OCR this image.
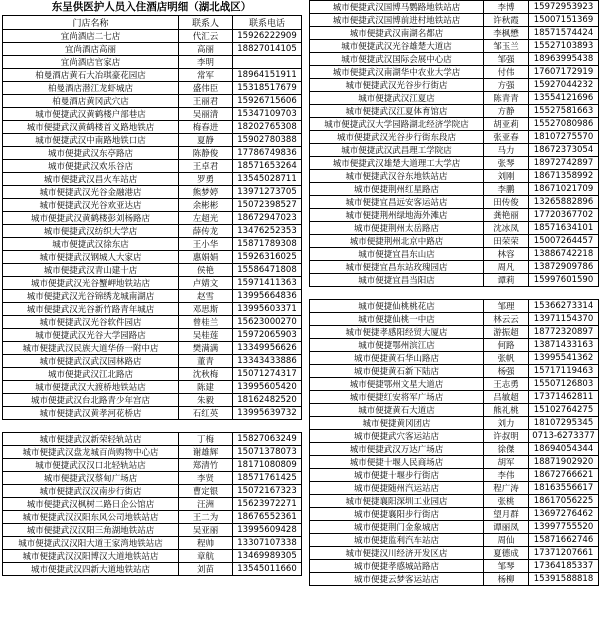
东呈供医护人员入住酒店明细（湖北战区）
门店名称	联系人	联系电话
宜尚酒店二七店	代汇云	15926222909
宜尚酒店高丽	高丽	18827014105
宜尚酒店官家店	李明	
柏曼酒店黄石大冶琪豪花园店	常军	18964151911
柏曼酒店潜江龙虾城店	盛伟臣	15318517679
柏曼酒店黄冈武穴店	王丽君	15926715606
城市便捷武汉黄鹤楼户部巷店	吴丽清	15347109703
城市便捷武汉黄鹤楼首义路地铁店	梅春进	18202765308
城市便捷武汉中南路地铁口店	夏静	15902780388
城市便捷武汉东亭路店	陈静俊	17786749836
城市便捷武汉欢乐谷店	王卓君	18571653264
城市便捷武汉昌火车站店	罗勇	13545028711
城市便捷武汉光谷金融港店	熊梦婷	13971273705
城市便捷武汉光谷欢亚达店	余彬彬	15072398527
城市便捷武汉黄鹤楼彭刘杨路店	左超光	18672947023
城市便捷武汉纺织大学店	薛传龙	13476252353
城市便捷武汉徐东店	王小华	15871789308
城市便捷武汉钢城人大家店	惠娟娟	15926316025
城市便捷武汉青山建十店	侯艳	15586471808
城市便捷武汉光谷蟹岬地铁站店	卢婧文	15971411363
城市便捷武汉光谷锦绣龙城南湖店	赵雪	13995664836
城市便捷武汉光谷新竹路青年城店	邓思斯	13995603371
城市便捷武汉光谷软件园店	曾桂兰	15623000270
城市便捷武汉光谷大学园路店	吴桂莲	15972065903
城市便捷武汉民族大道华侨一附中店	樊满满	13349956626
城市便捷武汉武汉园林路店	董青	13343433886
城市便捷武汉江北路店	沈秋梅	15071274317
城市便捷武汉大渡桥地铁站店	陈建	13995605420
城市便捷武汉台北路青少年宫店	朱毅	18162482520
城市便捷武汉黄孝河花桥店	石红英	13995639732

城市便捷武汉新荣轻轨站店	丁梅	15827063249
城市便捷武汉盘龙城百尚购物中心店	谢雄辉	15071378073
城市便捷武汉汉口北轻轨站店	郑清竹	18171080809
城市便捷武汉蔡甸广场店	李贤	18571761425
城市便捷武汉汉南步行街店	曹定银	15072167323
城市便捷武汉枫树二路日企公馆店	汪洲	15623972271
城市便捷武汉汉阳东风公司地铁站店	王二为	18676552361
城市便捷武汉汉阳三角湖地铁站店	吴亚丽	13995609428
城市便捷武汉汉阳大道王家湾地铁站店	程帅	13307107338
城市便捷武汉汉阳博汉大道地铁站店	章航	13469989305
城市便捷武汉四新大道地铁站店	刘苗	13545011660
城市便捷武汉国博马鹦路地铁站店	李博	15972953923
城市便捷武汉国博前进村地铁站店	许秋霞	15007151369
城市便捷武汉南湖名都店	李枫懋	18571574424
城市便捷武汉光谷雄楚大道店	邹玉兰	15527103893
城市便捷武汉国际会展中心店	邹强	18963995438
城市便捷武汉南湖华中农业大学店	付伟	17607172919
城市便捷武汉光谷步行街店	方强	15927044232
城市便捷武汉江夏店	陈青青	13554121696
城市便捷武汉江夏体育馆店	方静	15527581663
城市便捷武汉大学园路湖北经济学院店	胡亚莉	15527080986
城市便捷武汉光谷步行街东段店	张亚春	18107275570
城市便捷武汉武昌理工学院店	马力	18672373054
城市便捷武汉雄楚大道理工大学店	张琴	18972742897
城市便捷武汉谷东地铁站店	刘刚	18671358992
城市便捷荆州红星路店	李鹏	18671021709
城市便捷宜昌远安客运站店	田传俊	13265882896
城市便捷荆州绿地海外滩店	龚艳丽	17720367702
城市便捷荆州太岳路店	沈冰凤	18571634101
城市便捷荆州北京中路店	田荣荣	15007264457
城市便捷宜昌东山店	林容	13886742218
城市便捷宜昌东站玫瑰园店	周凡	13872909786
城市便捷宜昌当阳店	谭莉	15997601590

城市便捷仙桃桃花店	邹理	15366273314
城市便捷仙桃一中店	林云云	13971154370
城市便捷孝感阳经贸大厦店	游振超	18772320897
城市便捷鄂州滨江店	何路	13871433163
城市便捷黄石华山路店	张帆	13995541362
城市便捷黄石新下陆店	杨强	15717119463
城市便捷鄂州文星大道店	王志勇	15507126803
城市便捷红安将军广场店	吕敏超	17371462811
城市便捷黄石大道店	熊礼桃	15102764275
城市便捷黄冈团店	刘力	18107295345
城市便捷武穴客运站店	许叔明	0713-6273377
城市便捷武汉万达广场店	徐傑	18694054344
城市便捷十堰人民商场店	胡军	18871902920
城市便捷十堰步行街店	李伟	18672766621
城市便捷随州汽运站店	程广涛	18163556617
城市便捷襄阳深圳工业园店	张桃	18617056225
城市便捷襄阳步行街店	望月群	13697276462
城市便捷荆门金象城店	谭丽凤	13997755520
城市便捷监利汽车站店	周仙	15871662746
城市便捷汉川经济开发区店	夏德成	17371207661
城市便捷孝感城站路店	邹琴	17364185337
城市便捷云梦客运站店	杨柳	15391588818
